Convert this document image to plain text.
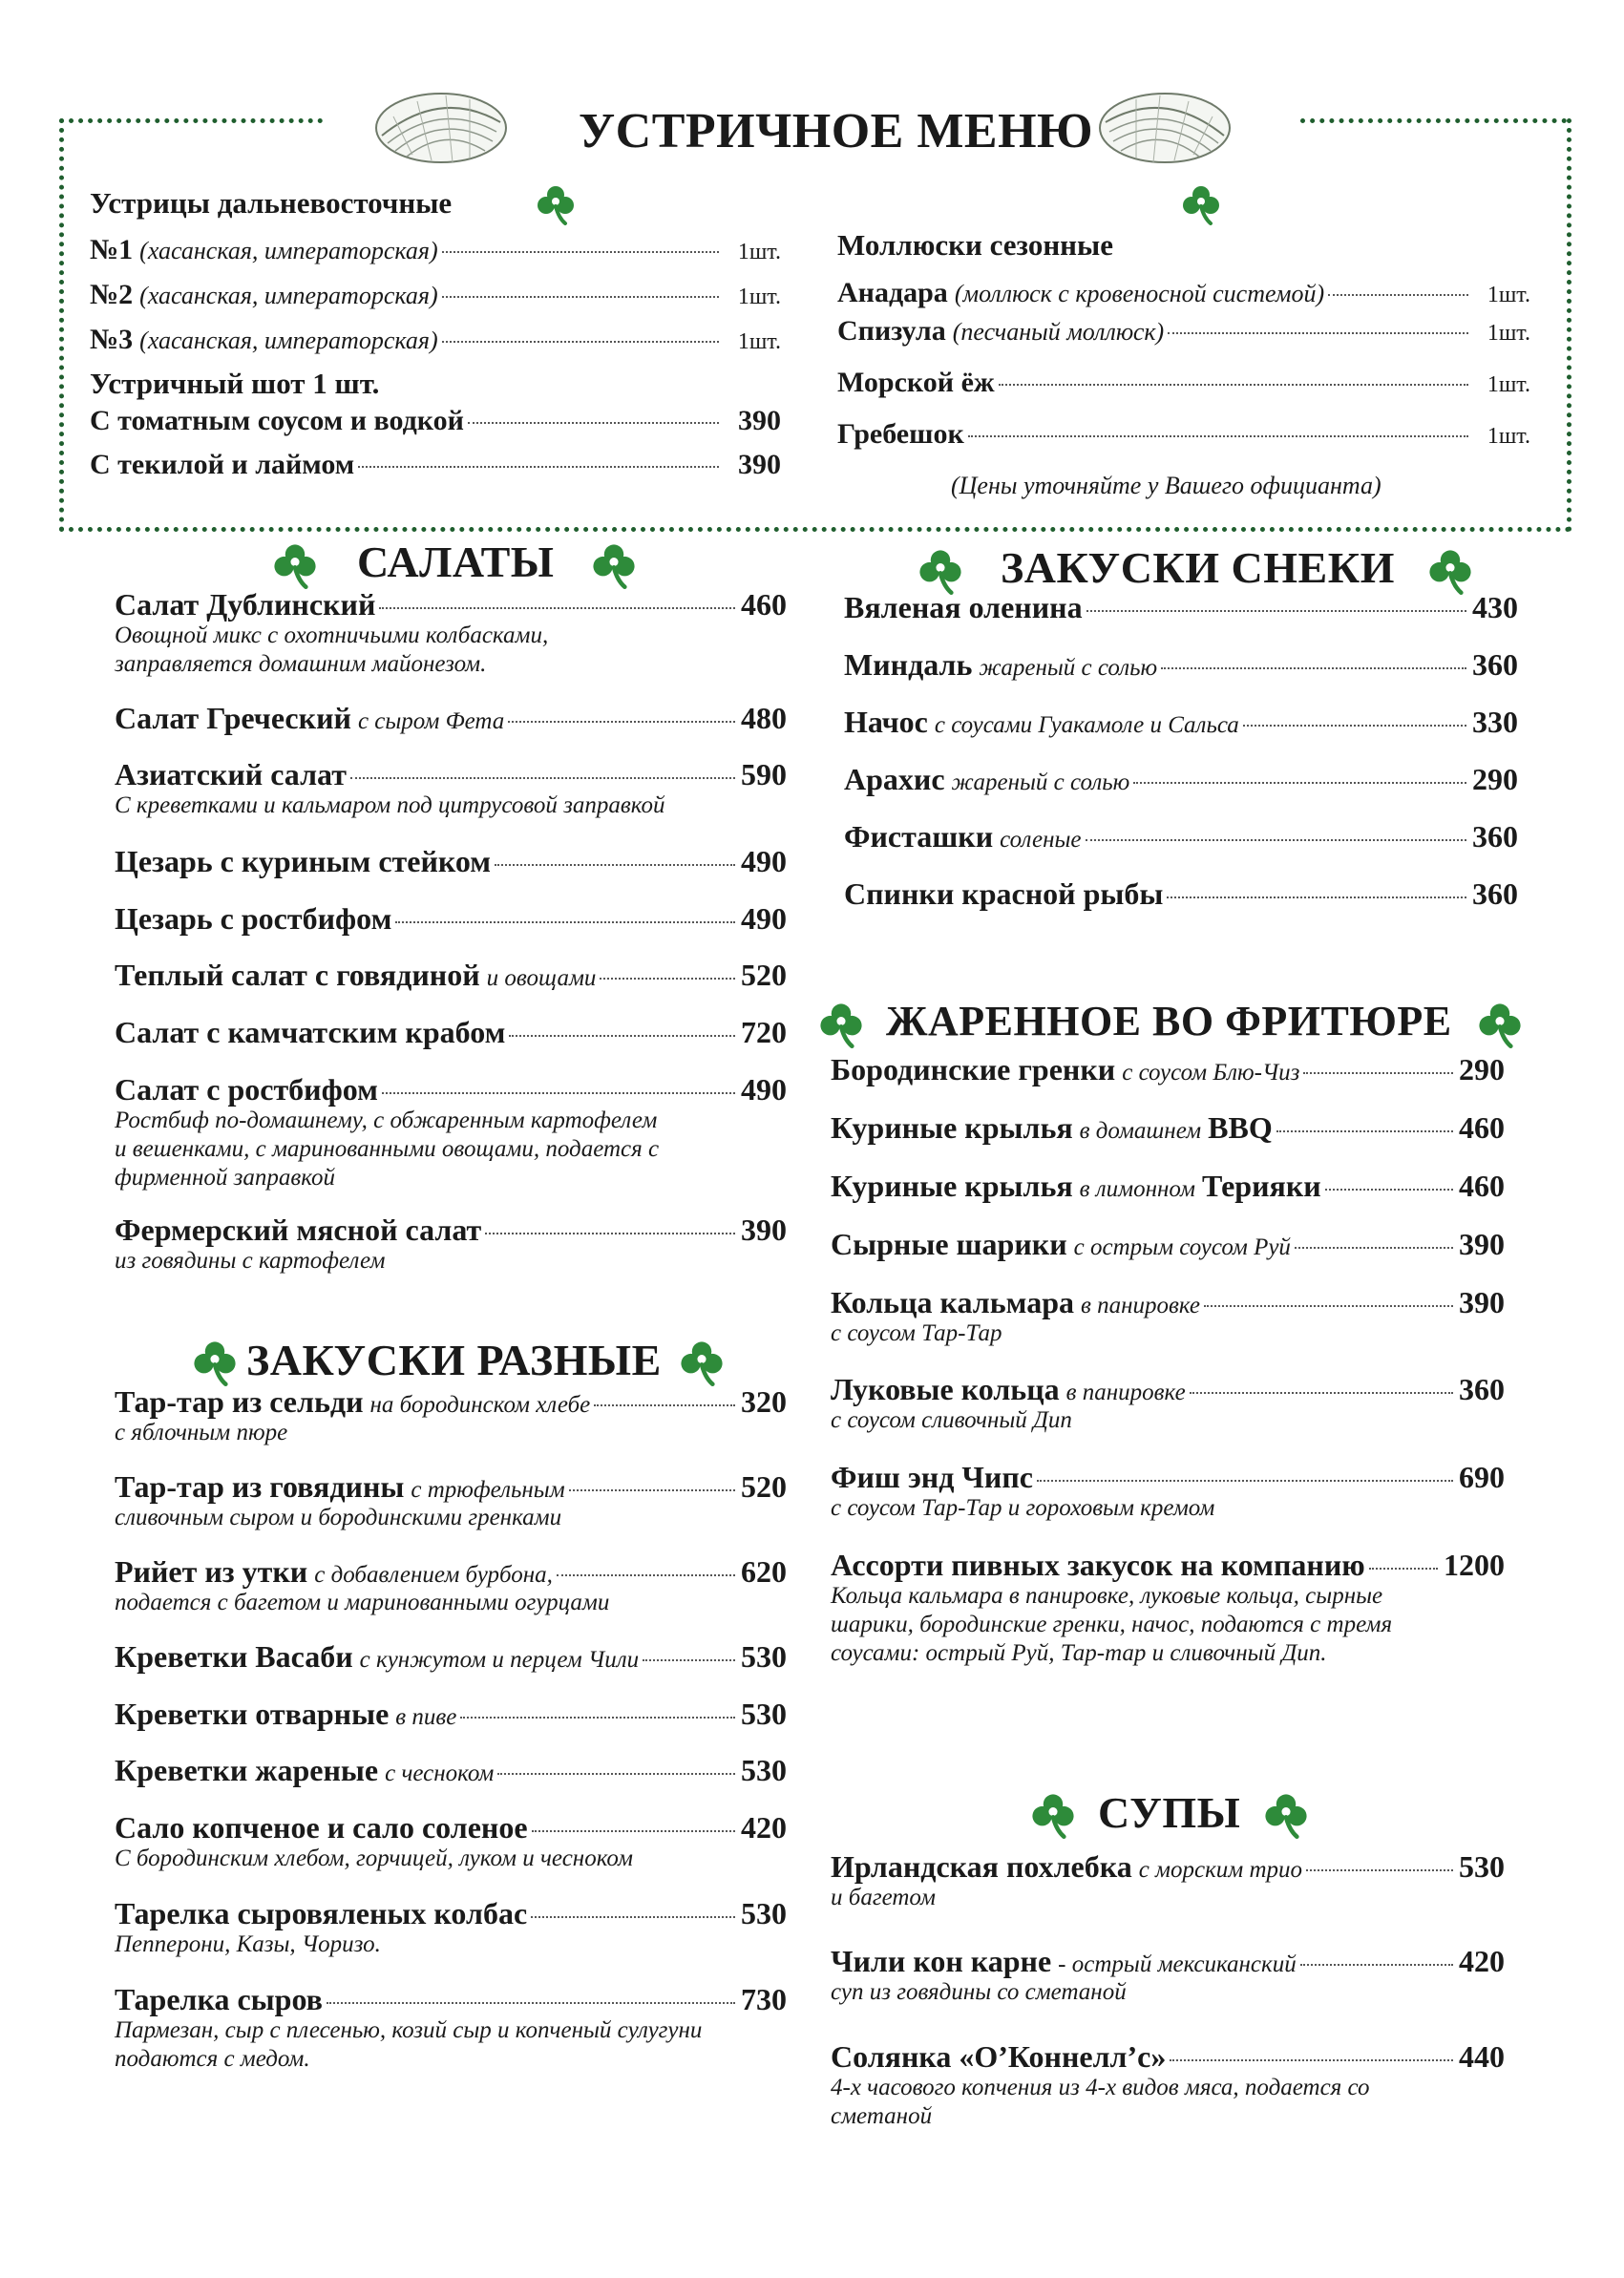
УСТРИЧНОЕ МЕНЮ
Устрицы дальневосточные
№1 (хасанская, императорская)	1шт.
№2 (хасанская, императорская)	1шт.
№3 (хасанская, императорская)	1шт.
Устричный шот 1 шт.
С томатным соусом и водкой	390
С текилой и лаймом	390
Моллюски сезонные
Анадара (моллюск с кровеносной системой)	1шт.
Спизула (песчаный моллюск)	1шт.
Морской ёж	1шт.
Гребешок	1шт.
(Цены уточняйте у Вашего официанта)
САЛАТЫ
Салат Дублинский	460
Овощной микс с охотничьими колбасками,
заправляется домашним майонезом.
Салат Греческий с сыром Фета	480
Азиатский салат	590
С креветками и кальмаром под цитрусовой заправкой
Цезарь с куриным стейком	490
Цезарь с ростбифом	490
Теплый салат с говядиной и овощами	520
Салат с камчатским крабом	720
Салат с ростбифом	490
Ростбиф по-домашнему, с обжаренным картофелем
и вешенками, с маринованными овощами, подается с
фирменной заправкой
Фермерский мясной салат	390
из говядины с картофелем
ЗАКУСКИ РАЗНЫЕ
Тар-тар из сельди на бородинском хлебе	320
с яблочным пюре
Тар-тар из говядины с трюфельным	520
сливочным сыром и бородинскими гренками
Рийет из утки с добавлением бурбона,	620
подается с багетом и маринованными огурцами
Креветки Васаби с кунжутом и перцем Чили	530
Креветки отварные в пиве	530
Креветки жареные с чесноком	530
Сало копченое и сало соленое	420
С бородинским хлебом, горчицей, луком и чесноком
Тарелка сыровяленых колбас	530
Пепперони, Казы, Чоризо.
Тарелка сыров	730
Пармезан, сыр с плесенью, козий сыр и копченый сулугуни
подаются с медом.
ЗАКУСКИ СНЕКИ
Вяленая оленина	430
Миндаль жареный с солью	360
Начос с соусами Гуакамоле и Сальса	330
Арахис жареный с солью	290
Фисташки соленые	360
Спинки красной рыбы	360
ЖАРЕННОЕ ВО ФРИТЮРЕ
Бородинские гренки с соусом Блю-Чиз	290
Куриные крылья в домашнем BBQ	460
Куриные крылья в лимонном Терияки	460
Сырные шарики с острым соусом Руй	390
Кольца кальмара в панировке	390
с соусом Тар-Тар
Луковые кольца в панировке	360
с соусом сливочный Дип
Фиш энд Чипс	690
с соусом Тар-Тар и гороховым кремом
Ассорти пивных закусок на компанию	1200
Кольца кальмара в панировке, луковые кольца, сырные
шарики, бородинские гренки, начос, подаются с тремя
соусами: острый Руй, Тар-тар и сливочный Дип.
СУПЫ
Ирландская похлебка с морским трио	530
и багетом
Чили кон карне - острый мексиканский	420
суп из говядины со сметаной
Солянка «О’Коннелл’с»	440
4-х часового копчения из 4-х видов мяса, подается со
сметаной
